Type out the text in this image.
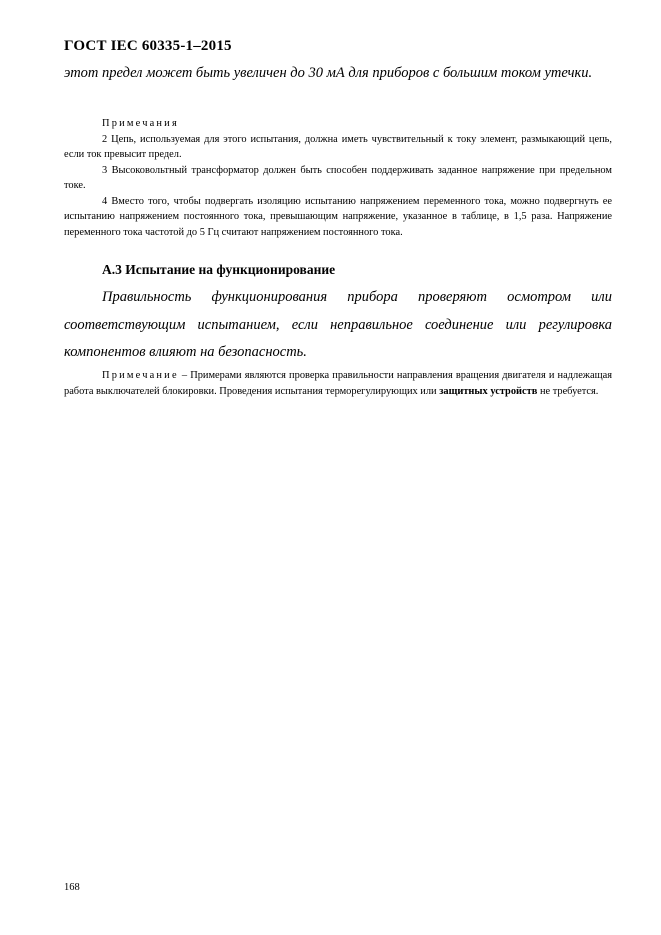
ГОСТ IEC 60335-1–2015
этот предел может быть увеличен до 30 мА для приборов с большим током утечки.

Примечания

2 Цепь, используемая для этого испытания, должна иметь чувствительный к току элемент, размыкающий цепь, если ток превысит предел.

3 Высоковольтный трансформатор должен быть способен поддерживать заданное напряжение при предельном токе.

4 Вместо того, чтобы подвергать изоляцию испытанию напряжением переменного тока, можно подвергнуть ее испытанию напряжением постоянного тока, превышающим напряжение, указанное в таблице, в 1,5 раза. Напряжение переменного тока частотой до 5 Гц считают напряжением постоянного тока.

А.3 Испытание на функционирование
Правильность функционирования прибора проверяют осмотром или соответствующим испытанием, если неправильное соединение или регулировка компонентов влияют на безопасность.

Примечание – Примерами являются проверка правильности направления вращения двигателя и надлежащая работа выключателей блокировки. Проведения испытания терморегулирующих или защитных устройств не требуется.

168
